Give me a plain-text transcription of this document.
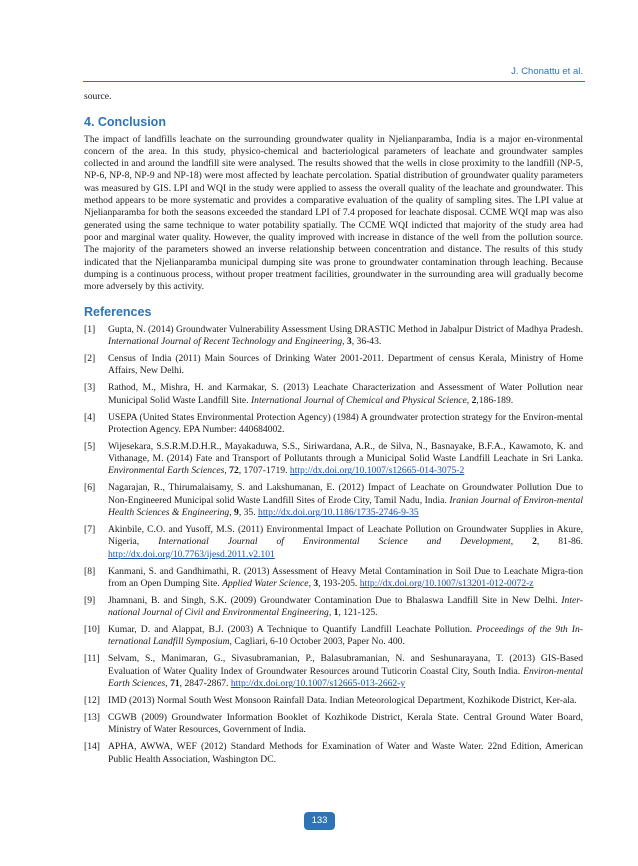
J. Chonattu et al.

source.

4. Conclusion

The impact of landfills leachate on the surrounding groundwater quality in Njelianparamba, India is a major en-vironmental concern of the area. In this study, physico-chemical and bacteriological parameters of leachate and groundwater samples collected in and around the landfill site were analysed. The results showed that the wells in close proximity to the landfill (NP-5, NP-6, NP-8, NP-9 and NP-18) were most affected by leachate percolation. Spatial distribution of groundwater quality parameters was measured by GIS. LPI and WQI in the study were applied to assess the overall quality of the leachate and groundwater. This method appears to be more systematic and provides a comparative evaluation of the quality of sampling sites. The LPI value at Njelianparamba for both the seasons exceeded the standard LPI of 7.4 proposed for leachate disposal. CCME WQI map was also generated using the same technique to water potability spatially. The CCME WQI indicted that majority of the study area had poor and marginal water quality. However, the quality improved with increase in distance of the well from the pollution source. The majority of the parameters showed an inverse relationship between concentration and distance. The results of this study indicated that the Njelianparamba municipal dumping site was prone to groundwater contamination through leaching. Because dumping is a continuous process, without proper treatment facilities, groundwater in the surrounding area will gradually become more adversely by this activity.

References
[1]	Gupta, N. (2014) Groundwater Vulnerability Assessment Using DRASTIC Method in Jabalpur District of Madhya Pradesh. International Journal of Recent Technology and Engineering, 3, 36-43.
[2]	Census of India (2011) Main Sources of Drinking Water 2001-2011. Department of census Kerala, Ministry of Home Affairs, New Delhi.
[3]	Rathod, M., Mishra, H. and Karmakar, S. (2013) Leachate Characterization and Assessment of Water Pollution near Municipal Solid Waste Landfill Site. International Journal of Chemical and Physical Science, 2,186-189.
[4]	USEPA (United States Environmental Protection Agency) (1984) A groundwater protection strategy for the Environ-mental Protection Agency. EPA Number: 440684002.
[5]	Wijesekara, S.S.R.M.D.H.R., Mayakaduwa, S.S., Siriwardana, A.R., de Silva, N., Basnayake, B.F.A., Kawamoto, K. and Vithanage, M. (2014) Fate and Transport of Pollutants through a Municipal Solid Waste Landfill Leachate in Sri Lanka. Environmental Earth Sciences, 72, 1707-1719. http://dx.doi.org/10.1007/s12665-014-3075-2
[6]	Nagarajan, R., Thirumalaisamy, S. and Lakshumanan, E. (2012) Impact of Leachate on Groundwater Pollution Due to Non-Engineered Municipal solid Waste Landfill Sites of Erode City, Tamil Nadu, India. Iranian Journal of Environ-mental Health Sciences & Engineering, 9, 35. http://dx.doi.org/10.1186/1735-2746-9-35
[7]	Akinbile, C.O. and Yusoff, M.S. (2011) Environmental Impact of Leachate Pollution on Groundwater Supplies in Akure, Nigeria, International Journal of Environmental Science and Development, 2, 81-86. http://dx.doi.org/10.7763/ijesd.2011.v2.101
[8]	Kanmani, S. and Gandhimathi, R. (2013) Assessment of Heavy Metal Contamination in Soil Due to Leachate Migra-tion from an Open Dumping Site. Applied Water Science, 3, 193-205. http://dx.doi.org/10.1007/s13201-012-0072-z
[9]	Jhamnani, B. and Singh, S.K. (2009) Groundwater Contamination Due to Bhalaswa Landfill Site in New Delhi. Inter-national Journal of Civil and Environmental Engineering, 1, 121-125.
[10] Kumar, D. and Alappat, B.J. (2003) A Technique to Quantify Landfill Leachate Pollution. Proceedings of the 9th In-ternational Landfill Symposium, Cagliari, 6-10 October 2003, Paper No. 400.
[11] Selvam, S., Manimaran, G., Sivasubramanian, P., Balasubramanian, N. and Seshunarayana, T. (2013) GIS-Based Evaluation of Water Quality Index of Groundwater Resources around Tuticorin Coastal City, South India. Environ-mental Earth Sciences, 71, 2847-2867. http://dx.doi.org/10.1007/s12665-013-2662-y
[12] IMD (2013) Normal South West Monsoon Rainfall Data. Indian Meteorological Department, Kozhikode District, Ker-ala.
[13] CGWB (2009) Groundwater Information Booklet of Kozhikode District, Kerala State. Central Ground Water Board, Ministry of Water Resources, Government of India.
[14] APHA, AWWA, WEF (2012) Standard Methods for Examination of Water and Waste Water. 22nd Edition, American Public Health Association, Washington DC.
133
